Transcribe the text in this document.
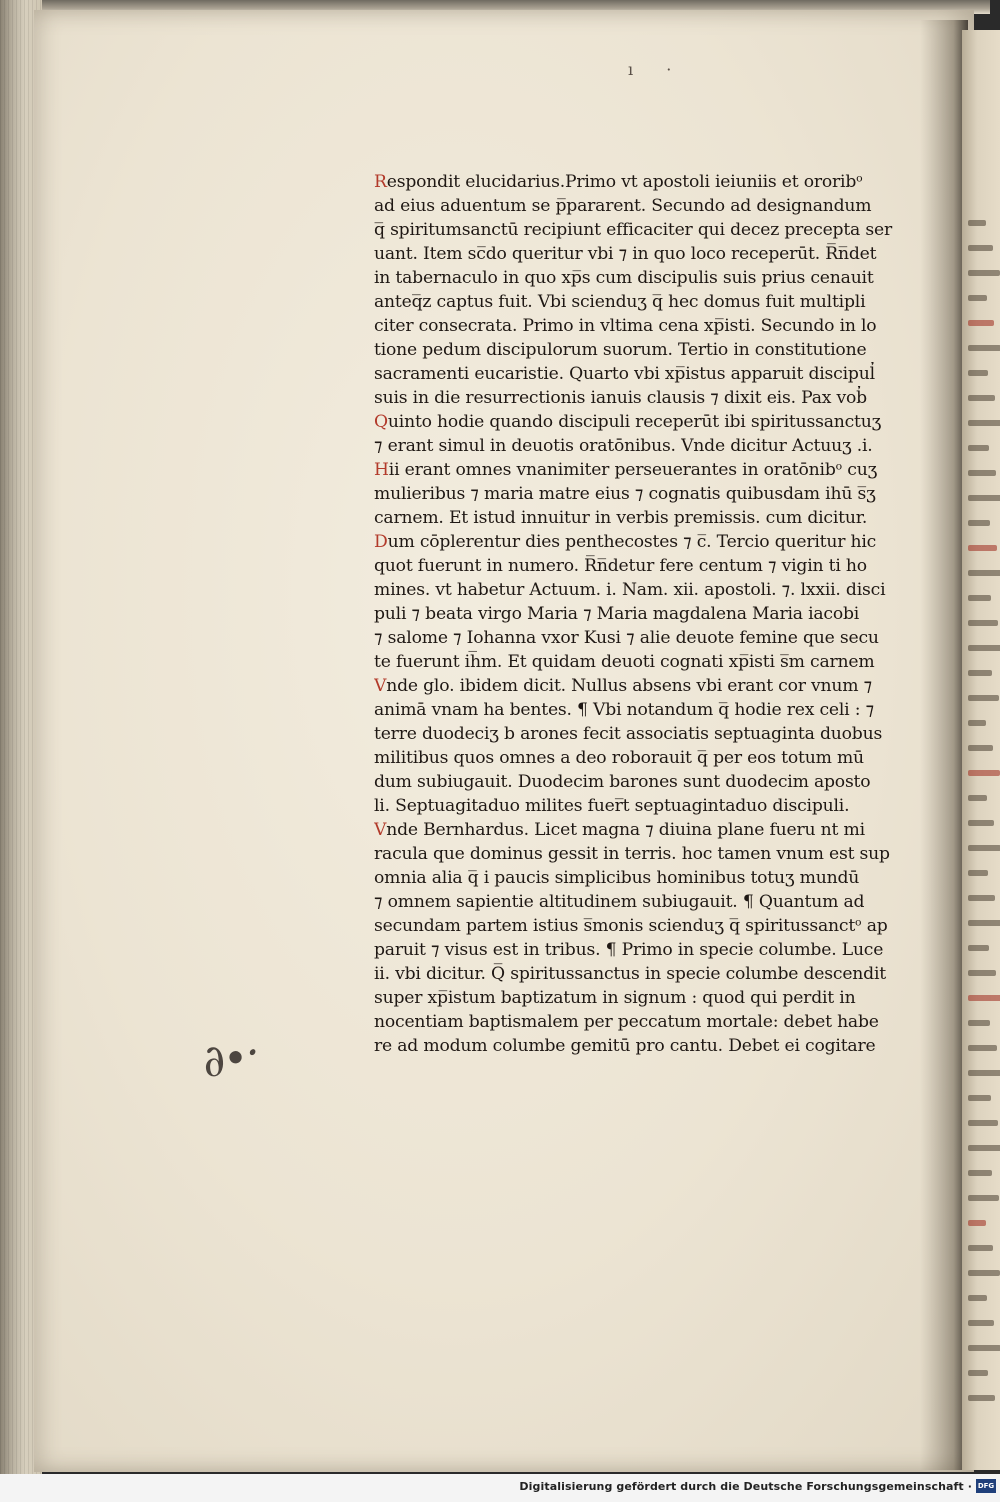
ı ·
∂∙·
Respondit elucidarius.Primo vt apostoli ieiuniis et ororibᵒ
ad eius aduentum se p̅pararent. Secundo ad designandum
q̅ spiritumsanctū recipiunt efficaciter qui decez precepta ser
uant. Item sc̅do queritur vbi ⁊ in quo loco receperūt. R̅n̅det
in tabernaculo in quo xp̅s cum discipulis suis prius cenauit
anteq̅z captus fuit. Vbi scienduʒ q̅ hec domus fuit multipli
citer consecrata. Primo in vltima cena xp̅isti. Secundo in lo
tione pedum discipulorum suorum. Tertio in constitutione
sacramenti eucaristie. Quarto vbi xp̅istus apparuit discipul̓
suis in die resurrectionis ianuis clausis ⁊ dixit eis. Pax vob̓
Quinto hodie quando discipuli receperūt ibi spiritussanctuʒ
⁊ erant simul in deuotis oratōnibus. Vnde dicitur Actuuʒ .i.
Hii erant omnes vnanimiter perseuerantes in oratōnibᵒ cuʒ
mulieribus ⁊ maria matre eius ⁊ cognatis quibusdam ihū s̅ʒ
carnem. Et istud innuitur in verbis premissis. cum dicitur.
Dum cōplerentur dies penthecostes ⁊ c̅. Tercio queritur hic
quot fuerunt in numero. R̅n̅detur fere centum ⁊ vigin ti ho
mines. vt habetur Actuum. i. Nam. xii. apostoli. ⁊. lxxii. disci
puli ⁊ beata virgo Maria ⁊ Maria magdalena Maria iacobi
⁊ salome ⁊ Iohanna vxor Kusi ⁊ alie deuote femine que secu
te fuerunt ih̅m. Et quidam deuoti cognati xp̅isti s̅m carnem
Vnde glo. ibidem dicit. Nullus absens vbi erant cor vnum ⁊
animā vnam ha bentes. ¶ Vbi notandum q̅ hodie rex celi : ⁊
terre duodeciʒ b arones fecit associatis septuaginta duobus
militibus quos omnes a deo roborauit q̅ per eos totum mū
dum subiugauit. Duodecim barones sunt duodecim aposto
li. Septuagitaduo milites fuer̅t septuagintaduo discipuli.
Vnde Bernhardus. Licet magna ⁊ diuina plane fueru nt mi
racula que dominus gessit in terris. hoc tamen vnum est sup
omnia alia q̅ i paucis simplicibus hominibus totuʒ mundū
⁊ omnem sapientie altitudinem subiugauit. ¶ Quantum ad
secundam partem istius s̅monis scienduʒ q̅ spiritussanctᵒ ap
paruit ⁊ visus est in tribus. ¶ Primo in specie columbe. Luce
ii. vbi dicitur. Q̅ spiritussanctus in specie columbe descendit
super xp̅istum baptizatum in signum : quod qui perdit in
nocentiam baptismalem per peccatum mortale: debet habe
re ad modum columbe gemitū pro cantu. Debet ei cogitare
Digitalisierung gefördert durch die Deutsche Forschungsgemeinschaft · DFG
